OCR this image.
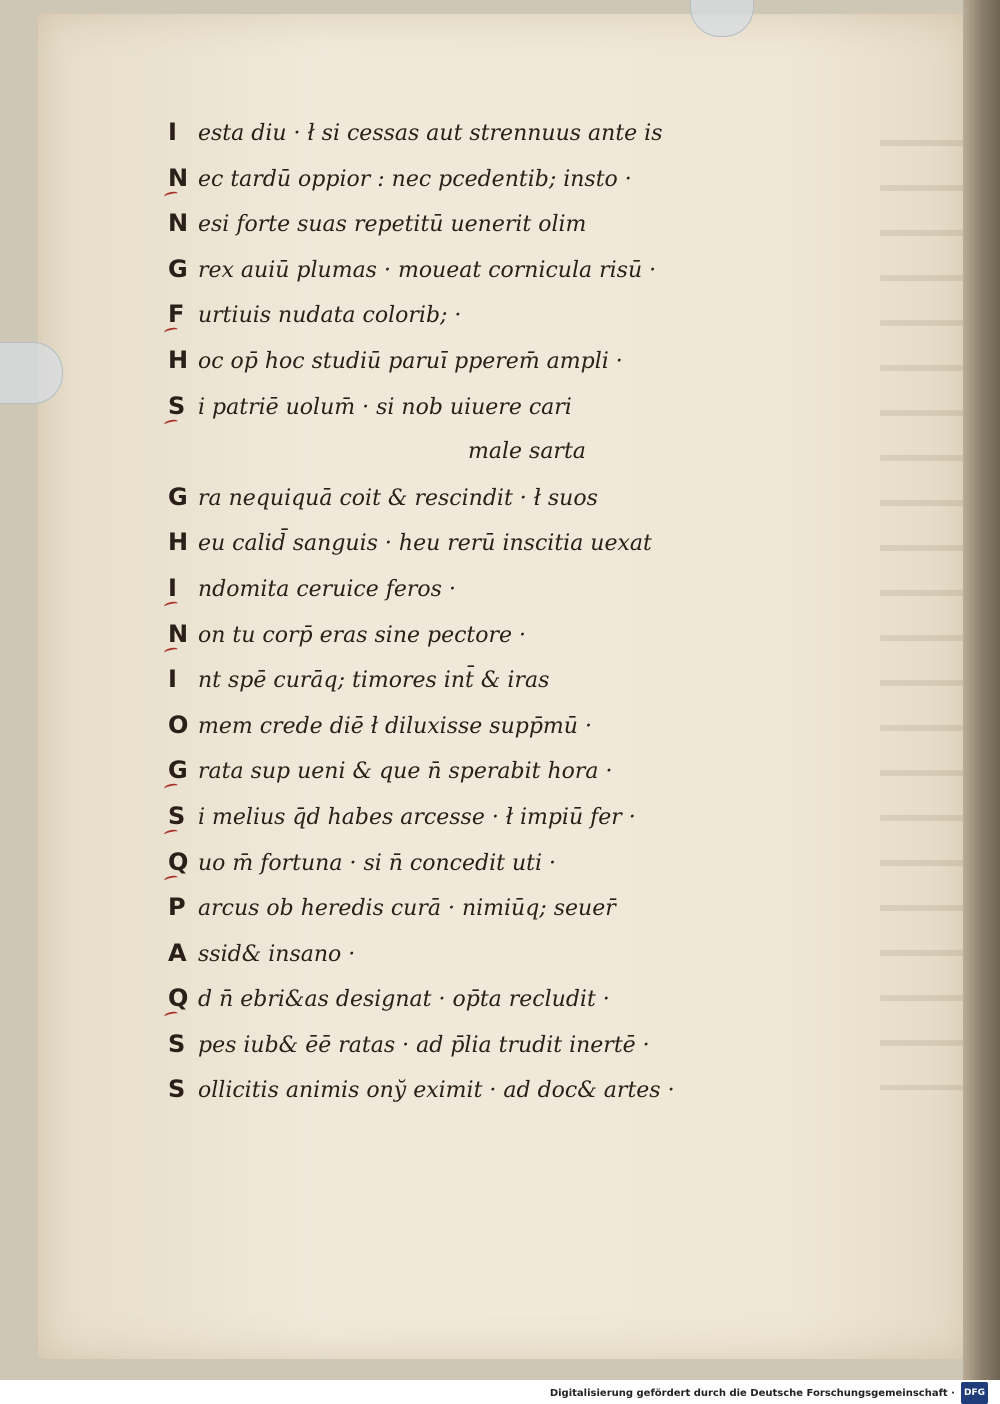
I esta diu · ł si cessas aut strennuus ante is
N ec tardū oppior : nec pcedentib; insto ·
N esi forte suas repetitū uenerit olim
G rex auiū plumas · moueat cornicula risū ·
F urtiuis nudata colorib; ·
H oc op̄ hoc studiū paruī pperem̄ ampli ·
S i patriē uolum̄ · si nob uiuere cari
male sarta
G ra nequiquā coit & rescindit · ł suos
H eu calid̄ sanguis · heu rerū inscitia uexat
I ndomita ceruice feros ·
N on tu corp̄ eras sine pectore ·
I nt spē curāq; timores int̄ & iras
O mem crede diē ł diluxisse supp̄mū ·
G rata sup ueni & que n̄ sperabit hora ·
S i melius q̄d habes arcesse · ł impiū fer ·
Q uo m̄ fortuna · si n̄ concedit uti ·
P arcus ob heredis curā · nimiūq; seuer̄
A ssid& insano ·
Q d n̄ ebri&as designat · op̄ta recludit ·
S pes iub& ēē ratas · ad p̄lia trudit inertē ·
S ollicitis animis ony̆ eximit · ad doc& artes ·
Digitalisierung gefördert durch die Deutsche Forschungsgemeinschaft · DFG
